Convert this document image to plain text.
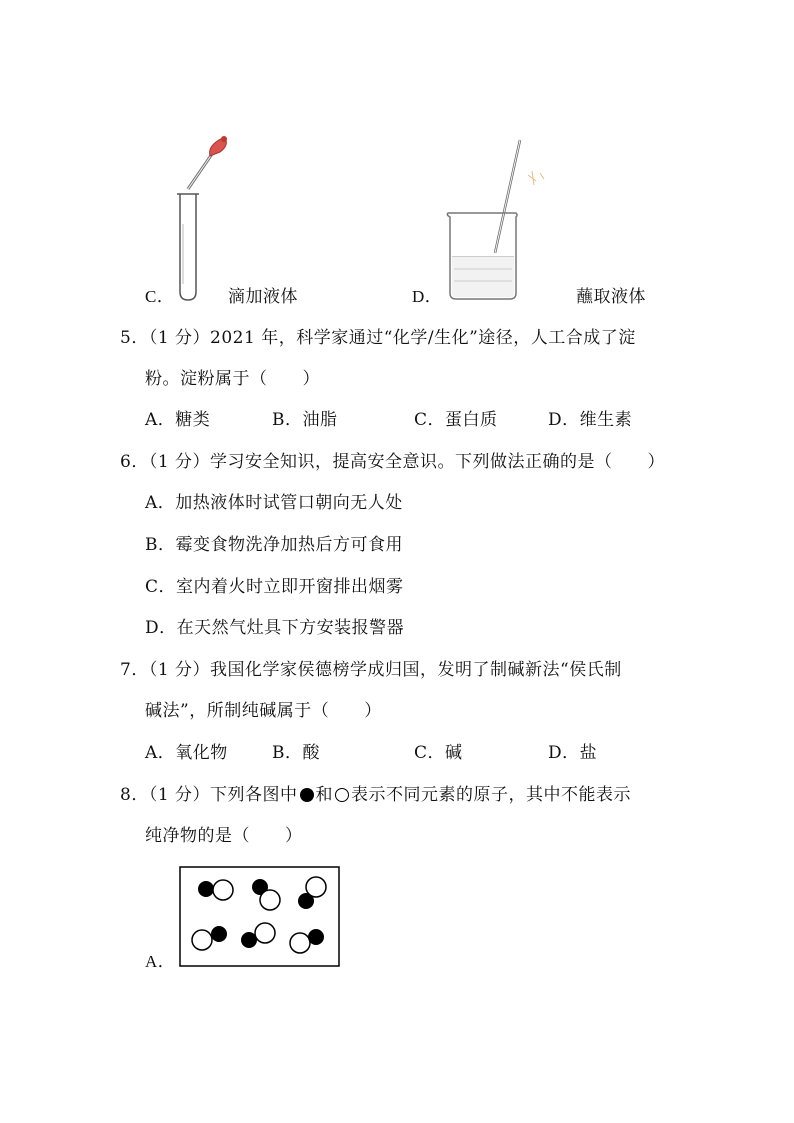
C．	滴加液体	D．	蘸取液体
5．（1 分）2021 年，科学家通过“化学/生化”途径，人工合成了淀
粉。淀粉属于（　　）
A．糖类	B．油脂	C．蛋白质	D．维生素
6．（1 分）学习安全知识，提高安全意识。下列做法正确的是（　　）
A．加热液体时试管口朝向无人处
B．霉变食物洗净加热后方可食用
C．室内着火时立即开窗排出烟雾
D．在天然气灶具下方安装报警器
7．（1 分）我国化学家侯德榜学成归国，发明了制碱新法“侯氏制
碱法”，所制纯碱属于（　　）
A．氧化物	B．酸	C．碱	D．盐
8．（1 分）下列各图中 和 表示不同元素的原子，其中不能表示
纯净物的是（　　）
A．
